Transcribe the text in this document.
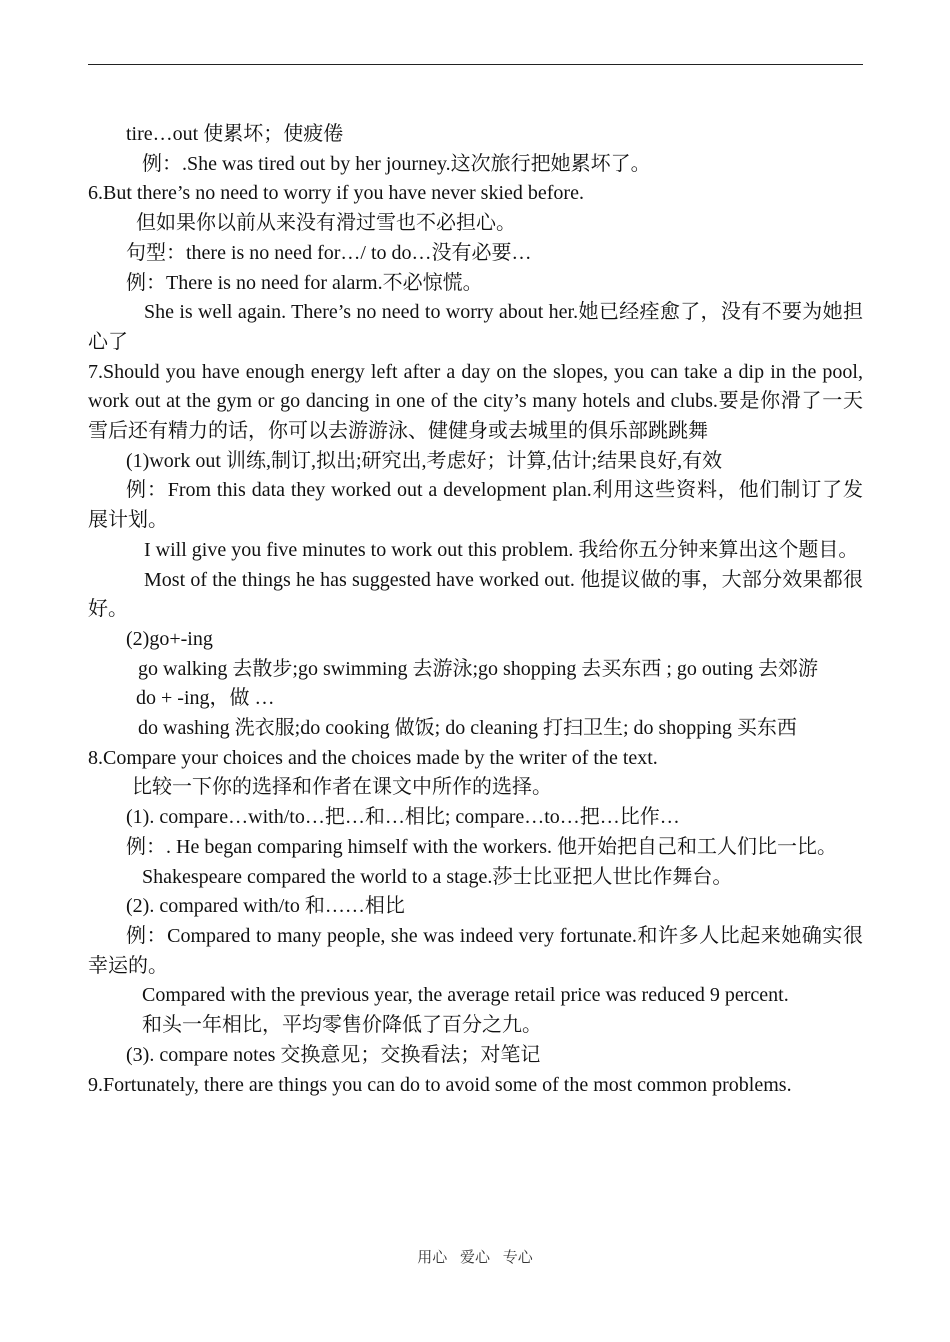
tire…out 使累坏；使疲倦

例：.She was tired out by her journey.这次旅行把她累坏了。

6.But there’s no need to worry if you have never skied before.

但如果你以前从来没有滑过雪也不必担心。

句型：there is no need for…/ to do…没有必要…

例：There is no need for alarm.不必惊慌。

She is well again. There’s no need to worry about her.她已经痊愈了，没有不要为她担心了

7.Should you have enough energy left after a day on the slopes, you can take a dip in the pool, work out at the gym or go dancing in one of the city’s many hotels and clubs.要是你滑了一天雪后还有精力的话，你可以去游游泳、健健身或去城里的俱乐部跳跳舞

(1)work out 训练,制订,拟出;研究出,考虑好；计算,估计;结果良好,有效

例：From this data they worked out a development plan.利用这些资料，他们制订了发展计划。

I will give you five minutes to work out this problem. 我给你五分钟来算出这个题目。

Most of the things he has suggested have worked out. 他提议做的事，大部分效果都很好。

(2)go+-ing

go walking 去散步;go swimming 去游泳;go shopping 去买东西 ; go outing 去郊游

do + -ing，做 …

do washing 洗衣服;do cooking 做饭; do cleaning 打扫卫生; do shopping 买东西

8.Compare your choices and the choices made by the writer of the text.

比较一下你的选择和作者在课文中所作的选择。

(1). compare…with/to…把…和…相比; compare…to…把…比作…

例：. He began comparing himself with the workers. 他开始把自己和工人们比一比。

Shakespeare compared the world to a stage.莎士比亚把人世比作舞台。

(2). compared with/to 和……相比

例：Compared to many people, she was indeed very fortunate.和许多人比起来她确实很幸运的。

Compared with the previous year, the average retail price was reduced 9 percent.

和头一年相比，平均零售价降低了百分之九。

(3). compare notes 交换意见；交换看法；对笔记

9.Fortunately, there are things you can do to avoid some of the most common problems.

用心 爱心 专心
